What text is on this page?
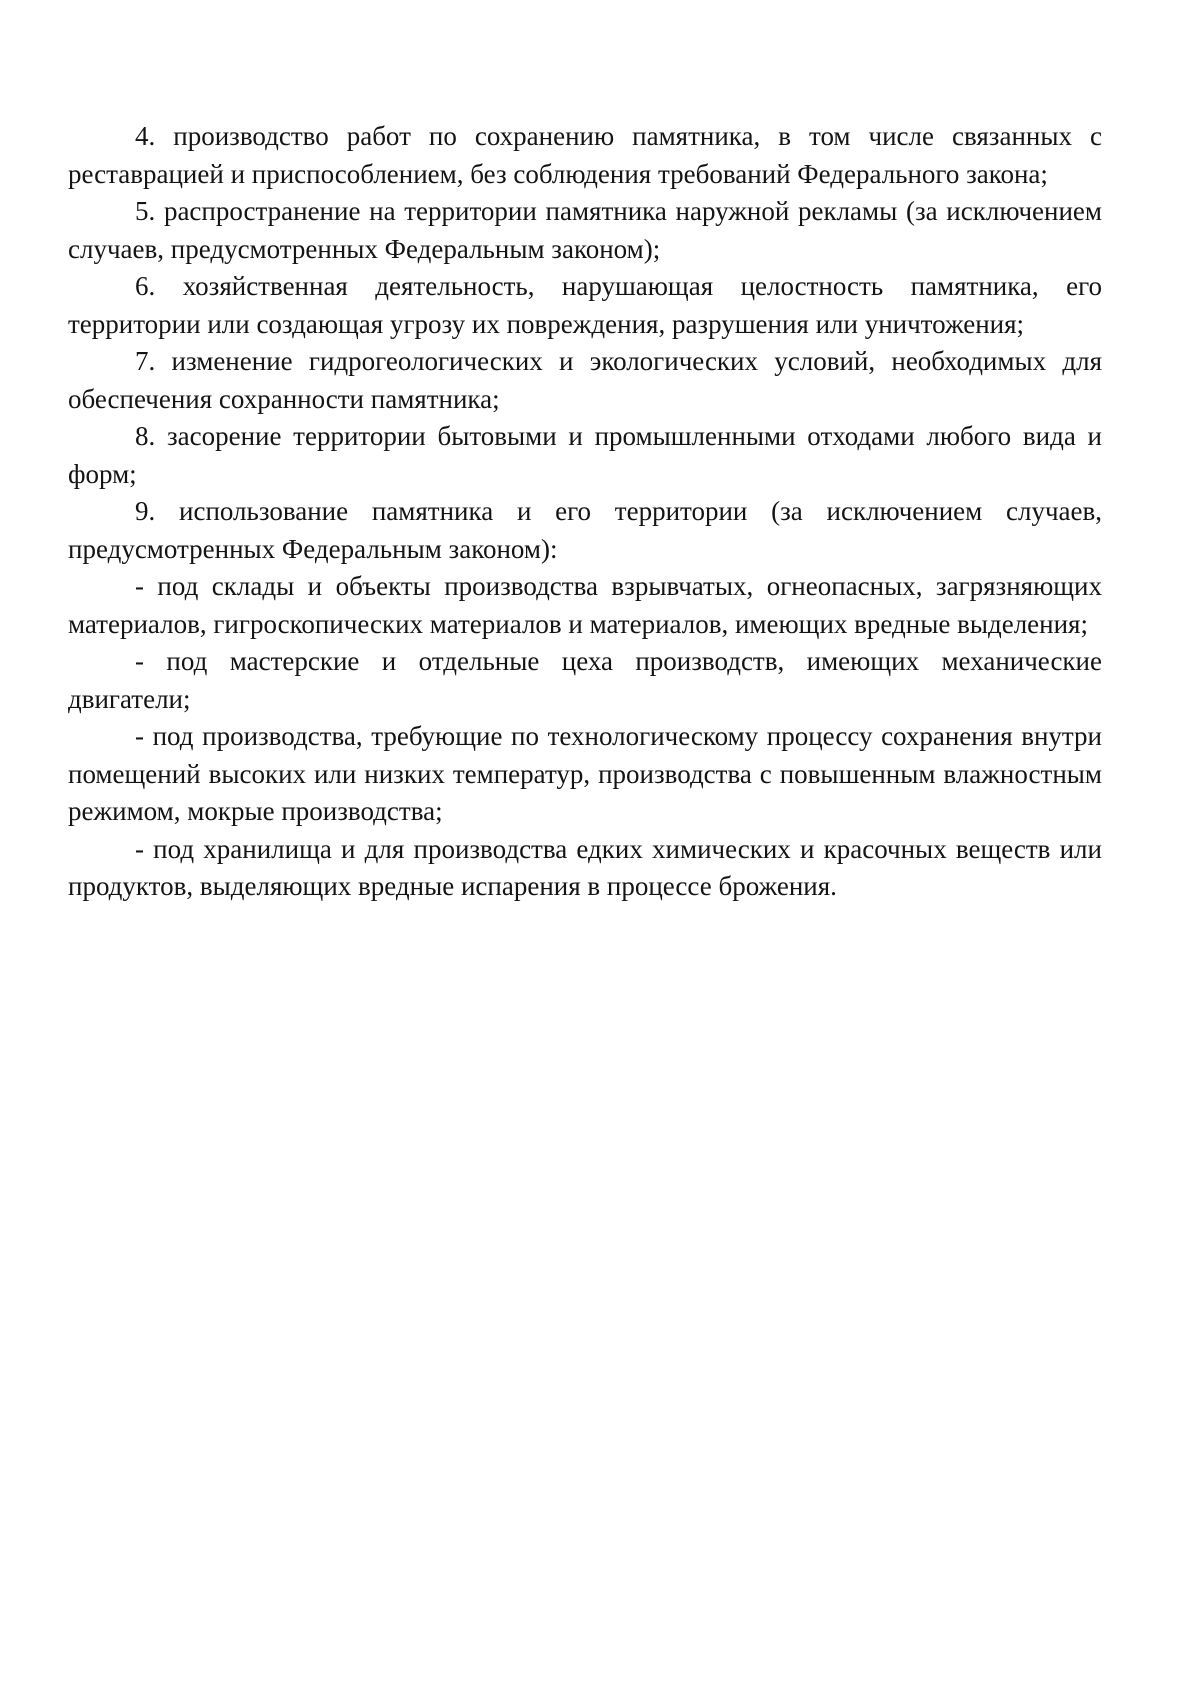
4. производство работ по сохранению памятника, в том числе связанных с реставрацией и приспособлением, без соблюдения требований Федерального закона;

5. распространение на территории памятника наружной рекламы (за исключением случаев, предусмотренных Федеральным законом);

6. хозяйственная деятельность, нарушающая целостность памятника, его территории или создающая угрозу их повреждения, разрушения или уничтожения;

7. изменение гидрогеологических и экологических условий, необходимых для обеспечения сохранности памятника;

8. засорение территории бытовыми и промышленными отходами любого вида и форм;

9. использование памятника и его территории (за исключением случаев, предусмотренных Федеральным законом):

- под склады и объекты производства взрывчатых, огнеопасных, загрязняющих материалов, гигроскопических материалов и материалов, имеющих вредные выделения;

- под мастерские и отдельные цеха производств, имеющих механические двигатели;

- под производства, требующие по технологическому процессу сохранения внутри помещений высоких или низких температур, производства с повышенным влажностным режимом, мокрые производства;

- под хранилища и для производства едких химических и красочных веществ или продуктов, выделяющих вредные испарения в процессе брожения.
